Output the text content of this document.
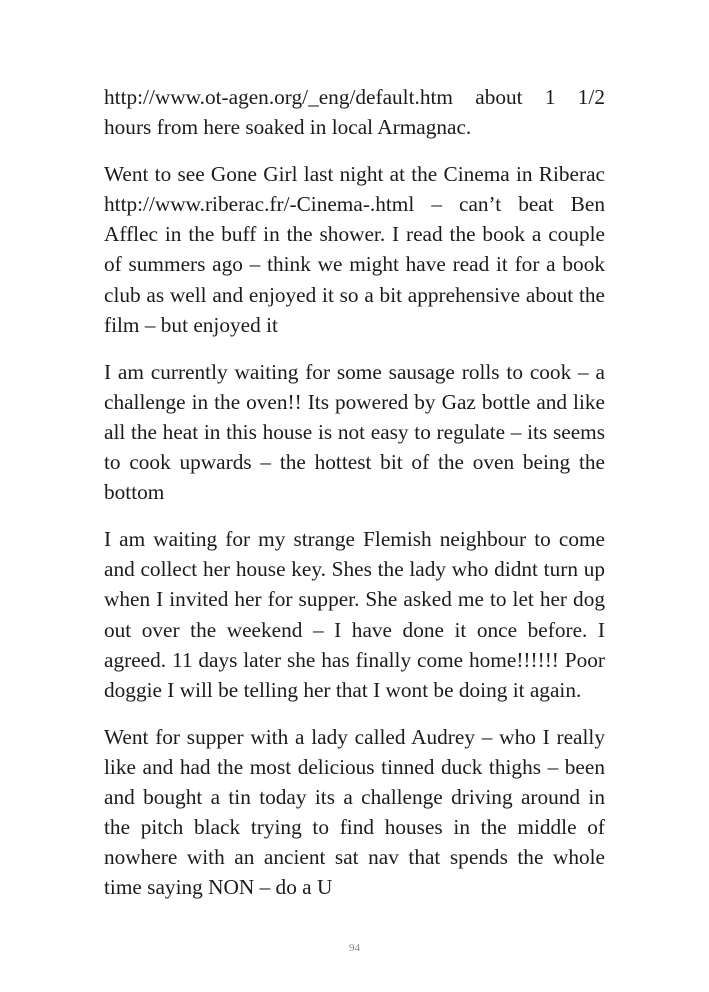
http://www.ot-agen.org/_eng/default.htm about 1 1/2 hours from here soaked in local Armagnac.

Went to see Gone Girl last night at the Cinema in Riberac http://www.riberac.fr/-Cinema-.html – can’t beat Ben Afflec in the buff in the shower. I read the book a couple of summers ago – think we might have read it for a book club as well and enjoyed it so a bit apprehensive about the film – but enjoyed it

I am currently waiting for some sausage rolls to cook – a challenge in the oven!! Its powered by Gaz bottle and like all the heat in this house is not easy to regulate – its seems to cook upwards – the hottest bit of the oven being the bottom

I am waiting for my strange Flemish neighbour to come and collect her house key. Shes the lady who didnt turn up when I invited her for supper. She asked me to let her dog out over the weekend – I have done it once before. I agreed. 11 days later she has finally come home!!!!!! Poor doggie I will be telling her that I wont be doing it again.

Went for supper with a lady called Audrey – who I really like and had the most delicious tinned duck thighs – been and bought a tin today its a challenge driving around in the pitch black trying to find houses in the middle of nowhere with an ancient sat nav that spends the whole time saying NON – do a U

94
